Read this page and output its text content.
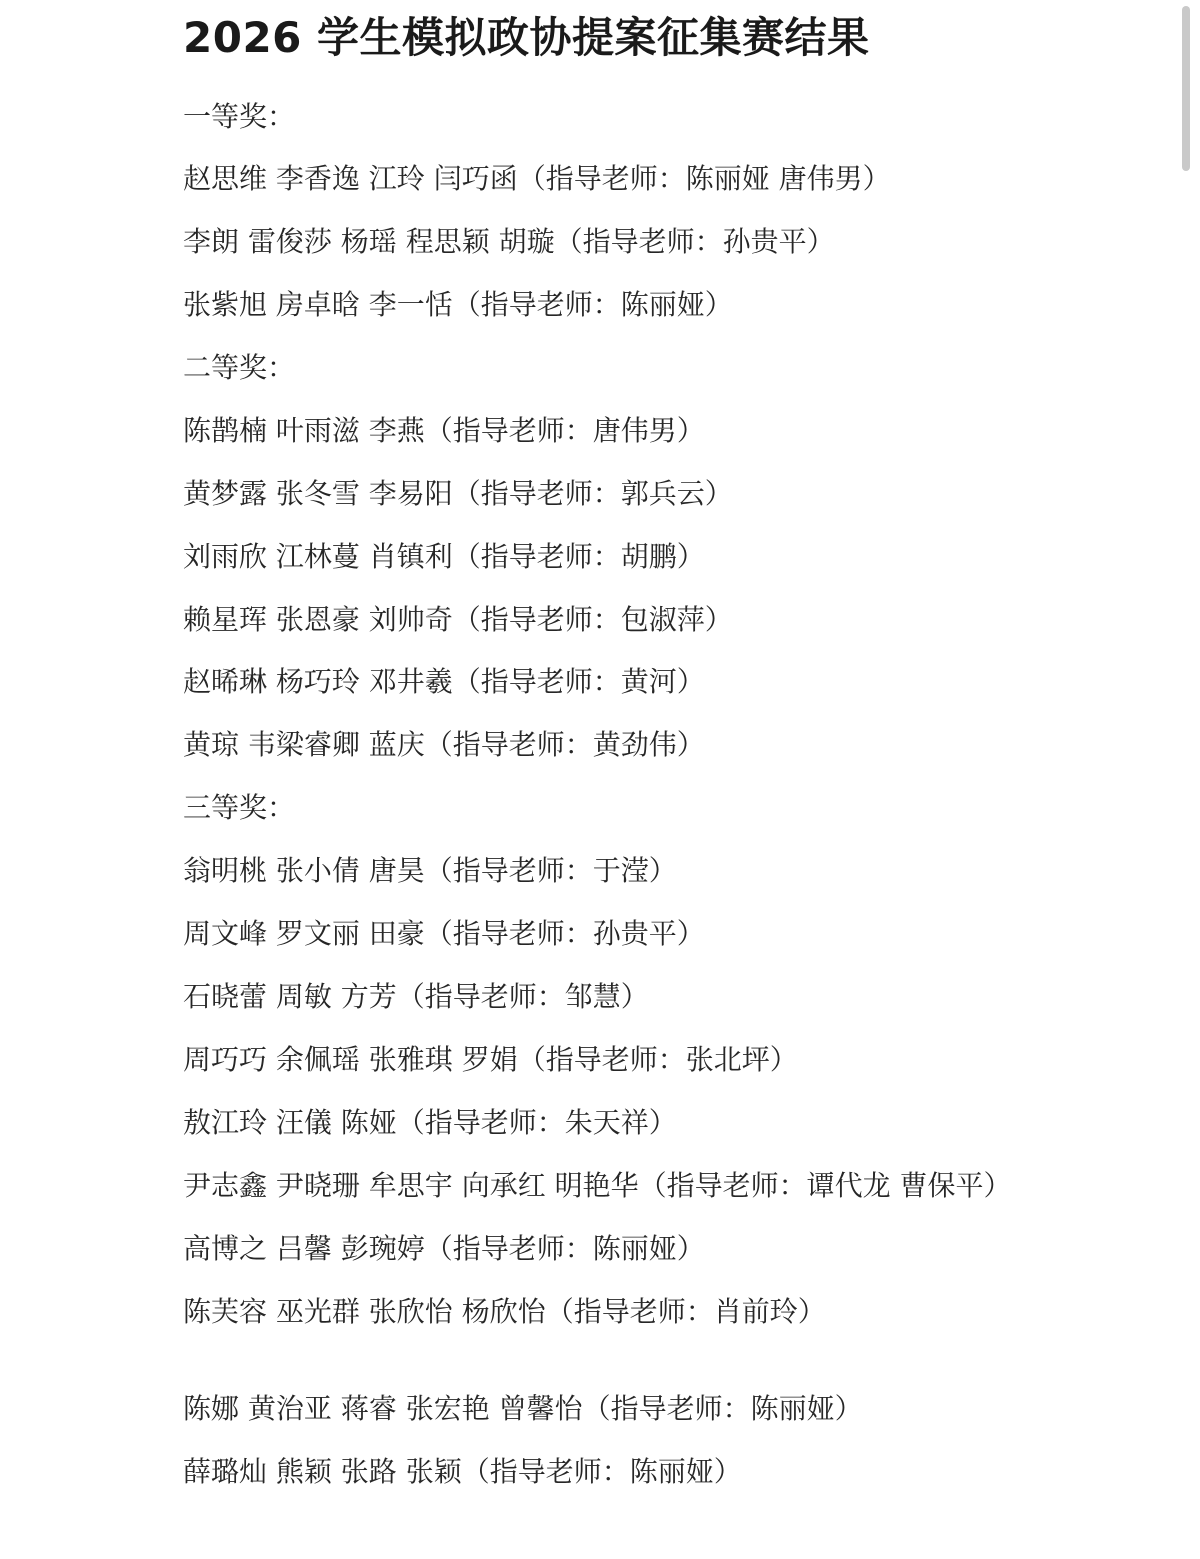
2026 学生模拟政协提案征集赛结果
一等奖：
赵思维 李香逸 江玲 闫巧函（指导老师：陈丽娅 唐伟男）
李朗 雷俊莎 杨瑶 程思颖 胡璇（指导老师：孙贵平）
张紫旭 房卓晗 李一恬（指导老师：陈丽娅）
二等奖：
陈鹊楠 叶雨滋 李燕（指导老师：唐伟男）
黄梦露 张冬雪 李易阳（指导老师：郭兵云）
刘雨欣 江林蔓 肖镇利（指导老师：胡鹏）
赖星珲 张恩豪 刘帅奇（指导老师：包淑萍）
赵晞琳 杨巧玲 邓井羲（指导老师：黄河）
黄琼 韦梁睿卿 蓝庆（指导老师：黄劲伟）
三等奖：
翁明桃 张小倩 唐昊（指导老师：于滢）
周文峰 罗文丽 田豪（指导老师：孙贵平）
石晓蕾 周敏 方芳（指导老师：邹慧）
周巧巧 余佩瑶 张雅琪 罗娟（指导老师：张北坪）
敖江玲 汪儀 陈娅（指导老师：朱天祥）
尹志鑫 尹晓珊 牟思宇 向承红 明艳华（指导老师：谭代龙 曹保平）
高博之 吕馨 彭琬婷（指导老师：陈丽娅）
陈芙容 巫光群 张欣怡 杨欣怡（指导老师：肖前玲）
陈娜 黄治亚 蒋睿 张宏艳 曾馨怡（指导老师：陈丽娅）
薛璐灿 熊颖 张路 张颖（指导老师：陈丽娅）
